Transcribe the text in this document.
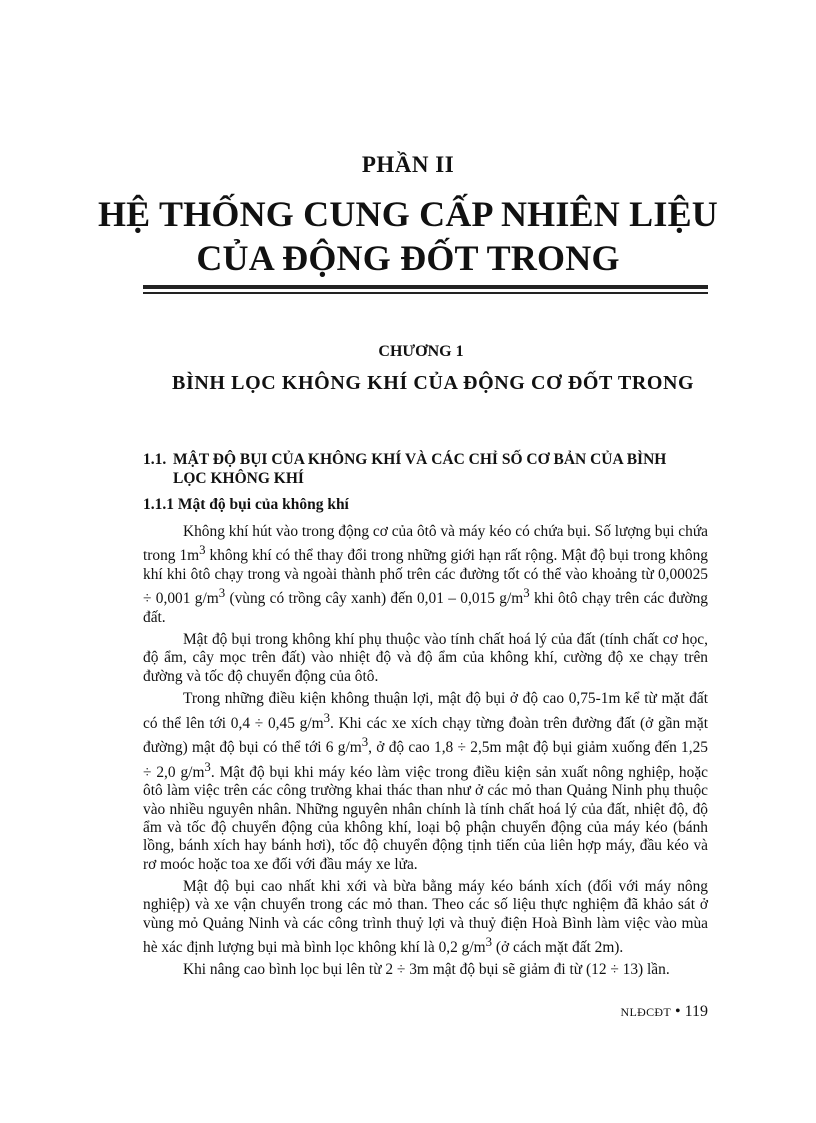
PHẦN II
HỆ THỐNG CUNG CẤP NHIÊN LIỆU
CỦA ĐỘNG ĐỐT TRONG
CHƯƠNG 1
BÌNH LỌC KHÔNG KHÍ CỦA ĐỘNG CƠ ĐỐT TRONG
1.1. MẬT ĐỘ BỤI CỦA KHÔNG KHÍ VÀ CÁC CHỈ SỐ CƠ BẢN CỦA BÌNH
LỌC KHÔNG KHÍ
1.1.1 Mật độ bụi của không khí

Không khí hút vào trong động cơ của ôtô và máy kéo có chứa bụi. Số lượng bụi chứa trong $1m^3$ không khí có thể thay đổi trong những giới hạn rất rộng. Mật độ bụi trong không khí khi ôtô chạy trong và ngoài thành phố trên các đường tốt có thể vào khoảng từ 0,00025 ÷ 0,001 $g/m^3$ (vùng có trồng cây xanh) đến 0,01 – 0,015 $g/m^3$ khi ôtô chạy trên các đường đất.

Mật độ bụi trong không khí phụ thuộc vào tính chất hoá lý của đất (tính chất cơ học, độ ẩm, cây mọc trên đất) vào nhiệt độ và độ ẩm của không khí, cường độ xe chạy trên đường và tốc độ chuyển động của ôtô.

Trong những điều kiện không thuận lợi, mật độ bụi ở độ cao 0,75-1m kể từ mặt đất có thể lên tới 0,4 ÷ 0,45 $g/m^3$. Khi các xe xích chạy từng đoàn trên đường đất (ở gần mặt đường) mật độ bụi có thể tới 6 $g/m^3$, ở độ cao 1,8 ÷ 2,5m mật độ bụi giảm xuống đến 1,25 ÷ 2,0 $g/m^3$. Mật độ bụi khi máy kéo làm việc trong điều kiện sản xuất nông nghiệp, hoặc ôtô làm việc trên các công trường khai thác than như ở các mỏ than Quảng Ninh phụ thuộc vào nhiều nguyên nhân. Những nguyên nhân chính là tính chất hoá lý của đất, nhiệt độ, độ ẩm và tốc độ chuyển động của không khí, loại bộ phận chuyển động của máy kéo (bánh lồng, bánh xích hay bánh hơi), tốc độ chuyển động tịnh tiến của liên hợp máy, đầu kéo và rơ moóc hoặc toa xe đối với đầu máy xe lửa.

Mật độ bụi cao nhất khi xới và bừa bằng máy kéo bánh xích (đối với máy nông nghiệp) và xe vận chuyển trong các mỏ than. Theo các số liệu thực nghiệm đã khảo sát ở vùng mỏ Quảng Ninh và các công trình thuỷ lợi và thuỷ điện Hoà Bình làm việc vào mùa hè xác định lượng bụi mà bình lọc không khí là 0,2 $g/m^3$ (ở cách mặt đất 2m).

Khi nâng cao bình lọc bụi lên từ 2 ÷ 3m mật độ bụi sẽ giảm đi từ (12 ÷ 13) lần.

NLĐCĐT • 119
